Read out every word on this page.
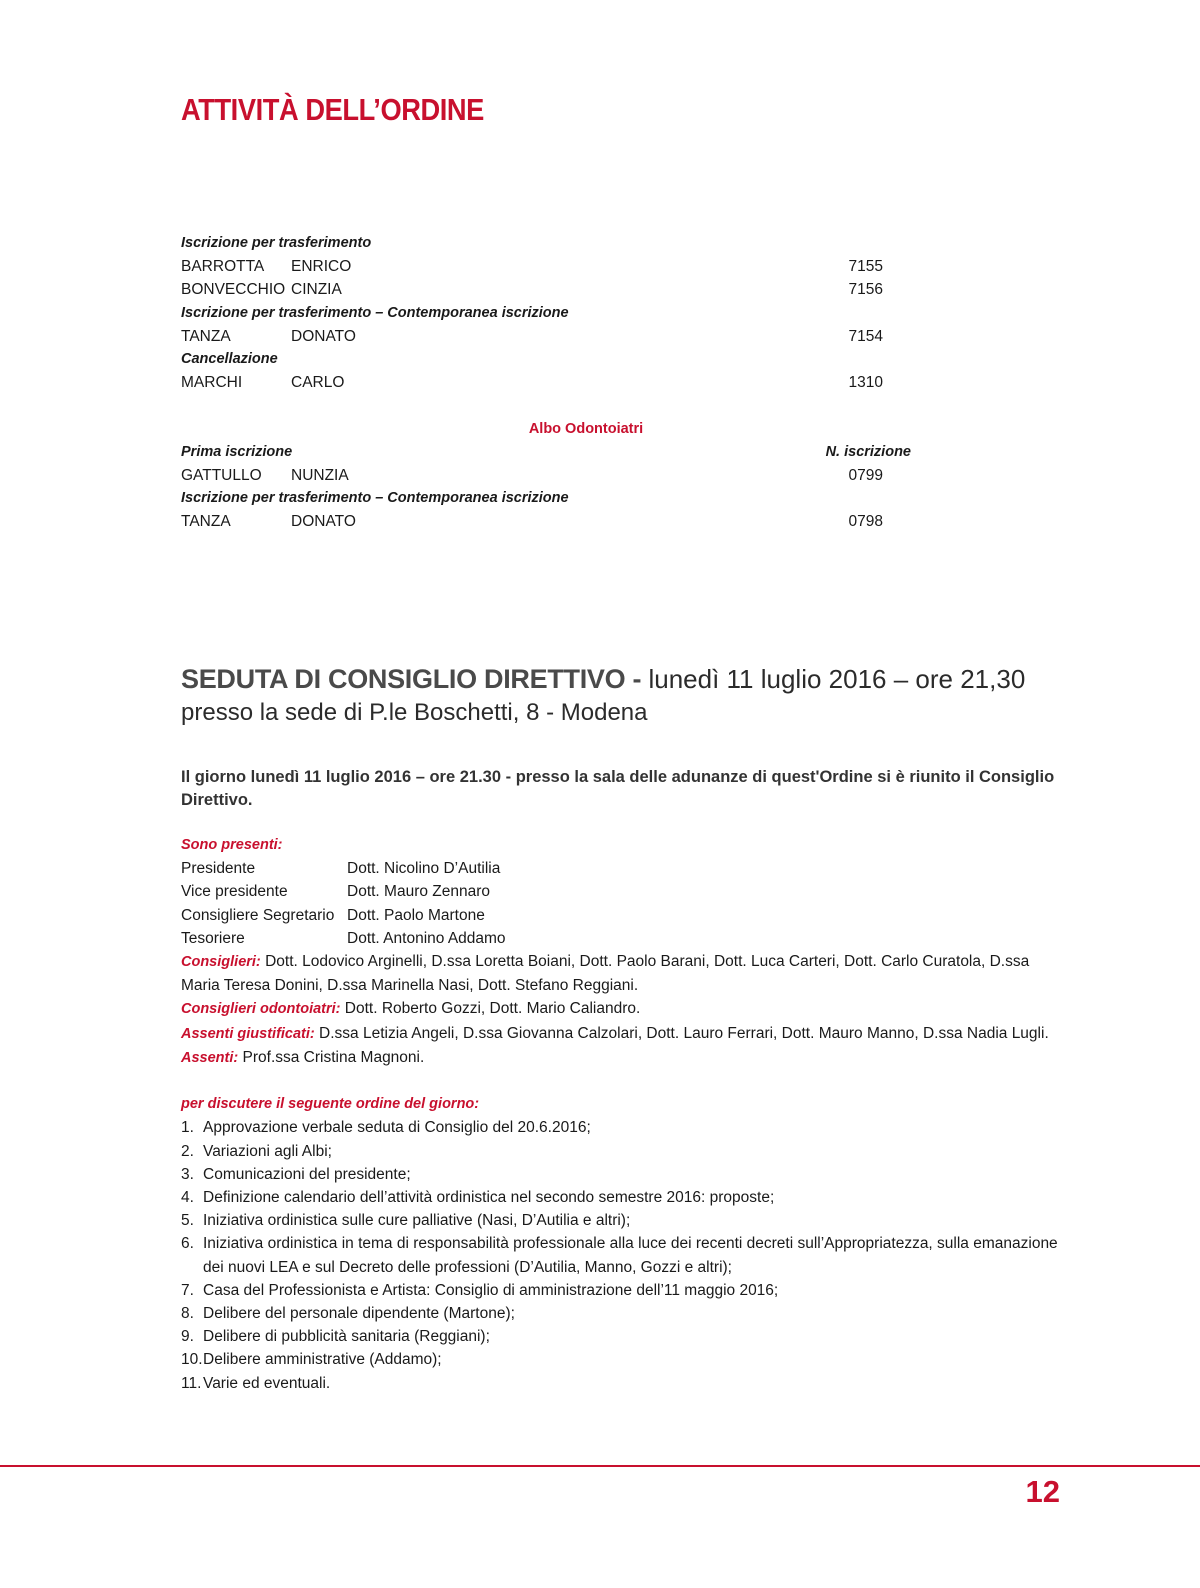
ATTIVITÀ DELL’ORDINE
Iscrizione per trasferimento
BARROTTA ENRICO	7155
BONVECCHIO CINZIA	7156
Iscrizione per trasferimento – Contemporanea iscrizione
TANZA	DONATO	7154
Cancellazione
MARCHI	CARLO	1310
Albo Odontoiatri
Prima iscrizione	N. iscrizione
GATTULLO NUNZIA	0799
Iscrizione per trasferimento – Contemporanea iscrizione
TANZA	DONATO	0798
SEDUTA DI CONSIGLIO DIRETTIVO - lunedì 11 luglio 2016 – ore 21,30
presso la sede di P.le Boschetti, 8 - Modena

Il giorno lunedì 11 luglio 2016 – ore 21.30 - presso la sala delle adunanze di quest'Ordine si è riunito il Consiglio Direttivo.

Sono presenti:
Presidente	Dott. Nicolino D’Autilia
Vice presidente	Dott. Mauro Zennaro
Consigliere Segretario Dott. Paolo Martone
Tesoriere	Dott. Antonino Addamo
Consiglieri: Dott. Lodovico Arginelli, D.ssa Loretta Boiani, Dott. Paolo Barani, Dott. Luca Carteri, Dott. Carlo Curatola, D.ssa Maria Teresa Donini, D.ssa Marinella Nasi, Dott. Stefano Reggiani.
Consiglieri odontoiatri: Dott. Roberto Gozzi, Dott. Mario Caliandro.
Assenti giustificati: D.ssa Letizia Angeli, D.ssa Giovanna Calzolari, Dott. Lauro Ferrari, Dott. Mauro Manno, D.ssa Nadia Lugli.
Assenti: Prof.ssa Cristina Magnoni.
per discutere il seguente ordine del giorno:
1. Approvazione verbale seduta di Consiglio del 20.6.2016;
2. Variazioni agli Albi;
3. Comunicazioni del presidente;
4. Definizione calendario dell’attività ordinistica nel secondo semestre 2016: proposte;
5. Iniziativa ordinistica sulle cure palliative (Nasi, D’Autilia e altri);
6. Iniziativa ordinistica in tema di responsabilità professionale alla luce dei recenti decreti sull’Appropriatezza, sulla emanazione dei nuovi LEA e sul Decreto delle professioni (D’Autilia, Manno, Gozzi e altri);
7. Casa del Professionista e Artista: Consiglio di amministrazione dell’11 maggio 2016;
8. Delibere del personale dipendente (Martone);
9. Delibere di pubblicità sanitaria (Reggiani);
10. Delibere amministrative (Addamo);
11. Varie ed eventuali.
12
